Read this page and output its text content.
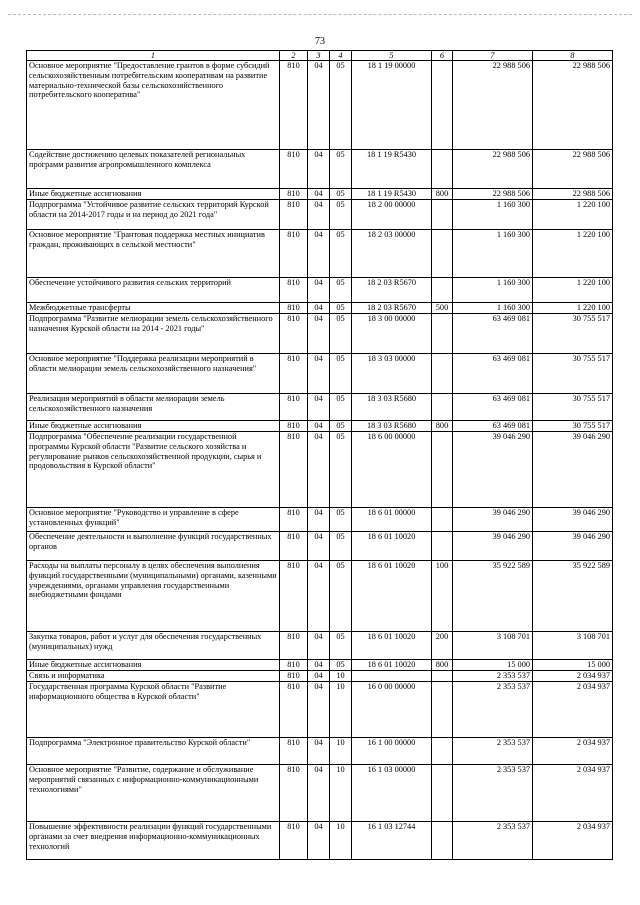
73
1	2	3	4	5	6	7	8
Основное мероприятие "Предоставление грантов в форме субсидий сельскохозяйственным потребительским кооперативам на развитие материально-технической базы сельскохозяйственного потребительского кооператива"	810	04	05	18 1 19 00000		22 988 506	22 988 506
Содействие достижению целевых показателей региональных программ развития агропромышленного комплекса	810	04	05	18 1 19 R5430		22 988 506	22 988 506
Иные бюджетные ассигнования	810	04	05	18 1 19 R5430	800	22 988 506	22 988 506
Подпрограмма "Устойчивое развитие сельских территорий Курской области на 2014-2017 годы и на период до 2021 года"	810	04	05	18 2 00 00000		1 160 300	1 220 100
Основное мероприятие "Грантовая поддержка местных инициатив граждан, проживающих в сельской местности"	810	04	05	18 2 03 00000		1 160 300	1 220 100
Обеспечение устойчивого развития сельских территорий	810	04	05	18 2 03 R5670		1 160 300	1 220 100
Межбюджетные трансферты	810	04	05	18 2 03 R5670	500	1 160 300	1 220 100
Подпрограмма "Развитие мелиорации земель сельскохозяйственного назначения Курской области на 2014 - 2021 годы"	810	04	05	18 3 00 00000		63 469 081	30 755 517
Основное мероприятие "Поддержка реализации мероприятий в области мелиорации земель сельскохозяйственного назначения"	810	04	05	18 3 03 00000		63 469 081	30 755 517
Реализация мероприятий в области мелиорации земель сельскохозяйственного назначения	810	04	05	18 3 03 R5680		63 469 081	30 755 517
Иные бюджетные ассигнования	810	04	05	18 3 03 R5680	800	63 469 081	30 755 517
Подпрограмма "Обеспечение реализации государственной программы Курской области "Развитие сельского хозяйства и регулирование рынков сельскохозяйственной продукции, сырья и продовольствия в Курской области"	810	04	05	18 6 00 00000		39 046 290	39 046 290
Основное мероприятие "Руководство и управление в сфере установленных функций"	810	04	05	18 6 01 00000		39 046 290	39 046 290
Обеспечение деятельности и выполнение функций государственных органов	810	04	05	18 6 01 10020		39 046 290	39 046 290
Расходы на выплаты персоналу в целях обеспечения выполнения функций государственными (муниципальными) органами, казенными учреждениями, органами управления государственными внебюджетными фондами	810	04	05	18 6 01 10020	100	35 922 589	35 922 589
Закупка товаров, работ и услуг для обеспечения государственных (муниципальных) нужд	810	04	05	18 6 01 10020	200	3 108 701	3 108 701
Иные бюджетные ассигнования	810	04	05	18 6 01 10020	800	15 000	15 000
Связь и информатика	810	04	10			2 353 537	2 034 937
Государственная программа Курской области "Развитие информационного общества в Курской области"	810	04	10	16 0 00 00000		2 353 537	2 034 937
Подпрограмма "Электронное правительство Курской области"	810	04	10	16 1 00 00000		2 353 537	2 034 937
Основное мероприятие "Развитие, содержание и обслуживание мероприятий связанных с информационно-коммуникационными технологиями"	810	04	10	16 1 03 00000		2 353 537	2 034 937
Повышение эффективности реализации функций государственными органами за счет внедрения информационно-коммуникационных технологий	810	04	10	16 1 03 12744		2 353 537	2 034 937
